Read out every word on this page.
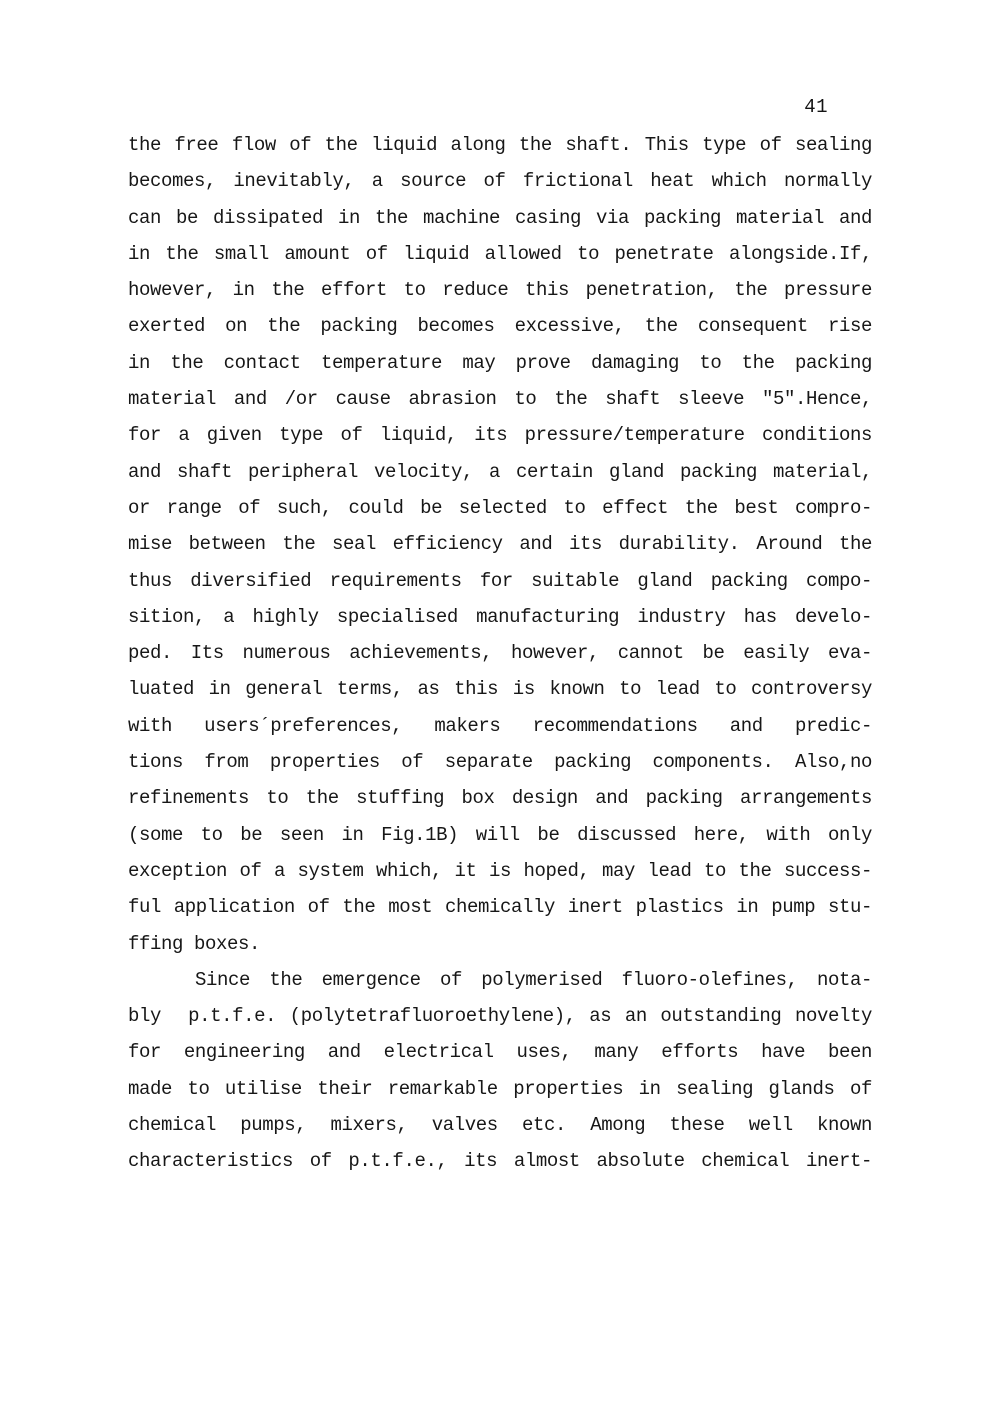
41
the free flow of the liquid along the shaft. This type of sealing
becomes, inevitably, a source of frictional heat which normally
can be dissipated in the machine casing via packing material and
in the small amount of liquid allowed to penetrate alongside.If,
however, in the effort to reduce this penetration, the pressure
exerted on the packing becomes excessive, the consequent rise
in the contact temperature may prove damaging to the packing
material and /or cause abrasion to the shaft sleeve "5".Hence,
for a given type of liquid, its pressure/temperature conditions
and shaft peripheral velocity, a certain gland packing material,
or range of such, could be selected to effect the best compro-
mise between the seal efficiency and its durability. Around the
thus diversified requirements for suitable gland packing compo-
sition, a highly specialised manufacturing industry has develo-
ped. Its numerous achievements, however, cannot be easily eva-
luated in general terms, as this is known to lead to controversy
with users´preferences, makers recommendations and predic-
tions from properties of separate packing components. Also,no
refinements to the stuffing box design and packing arrangements
(some to be seen in Fig.1B) will be discussed here, with only
exception of a system which, it is hoped, may lead to the success-
ful application of the most chemically inert plastics in pump stu-
ffing boxes.
Since the emergence of polymerised fluoro-olefines, nota-
bly  p.t.f.e. (polytetrafluoroethylene), as an outstanding novelty
for engineering and electrical uses, many efforts have been
made to utilise their remarkable properties in sealing glands of
chemical pumps, mixers, valves etc. Among these well known
characteristics of p.t.f.e., its almost absolute chemical inert-
